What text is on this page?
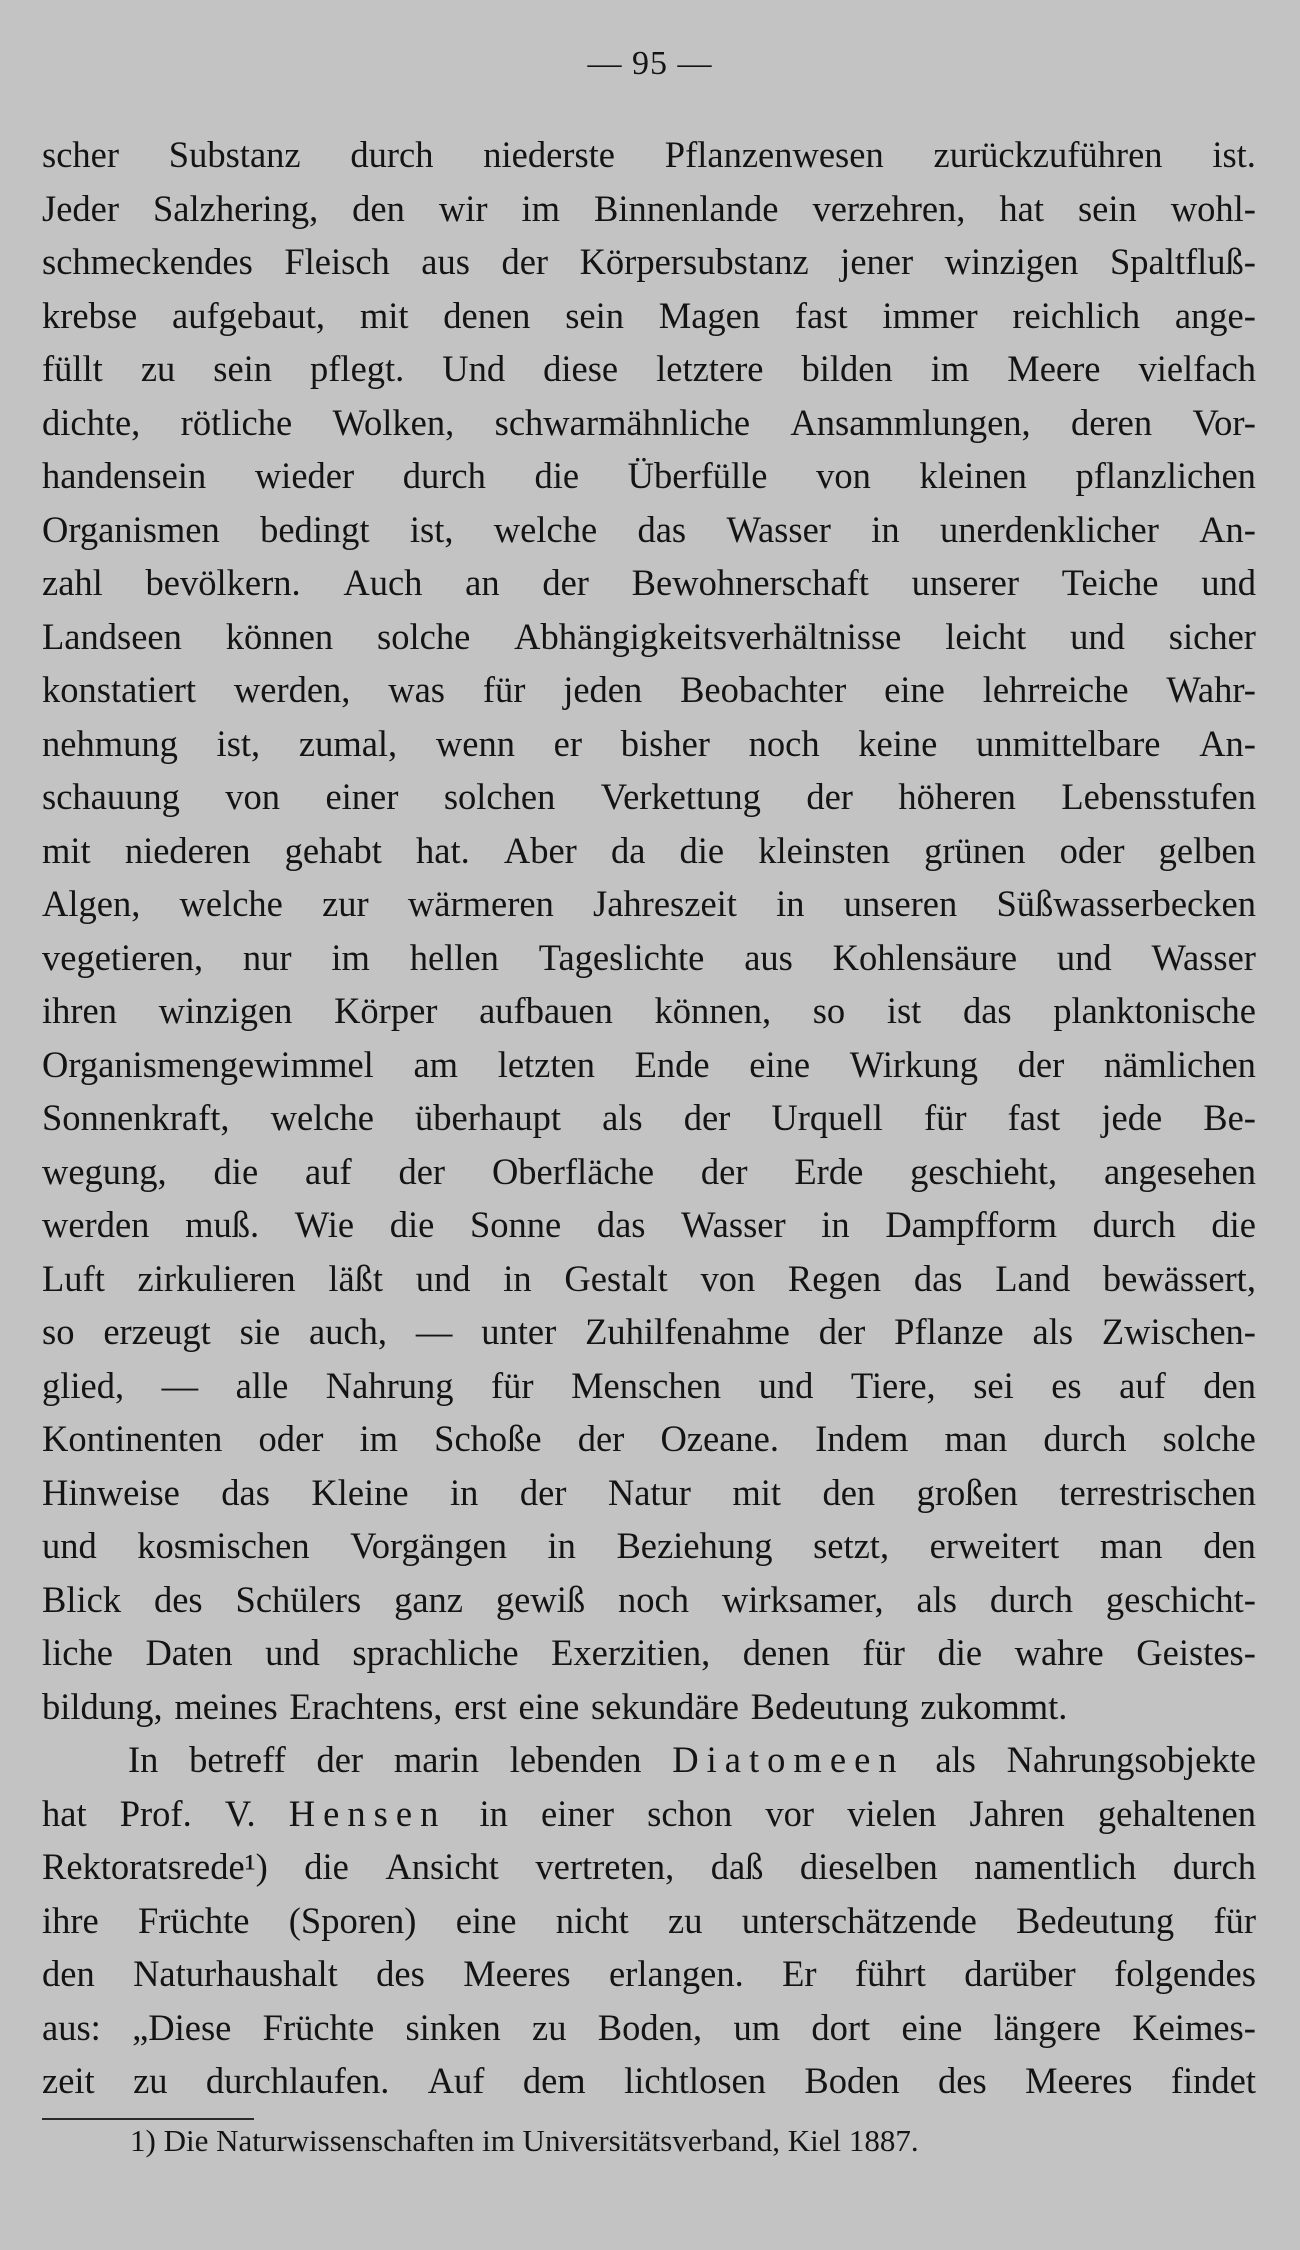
— 95 —
scher Substanz durch niederste Pflanzenwesen zurückzuführen ist.
Jeder Salzhering, den wir im Binnenlande verzehren, hat sein wohl-
schmeckendes Fleisch aus der Körpersubstanz jener winzigen Spaltfluß-
krebse aufgebaut, mit denen sein Magen fast immer reichlich ange-
füllt zu sein pflegt. Und diese letztere bilden im Meere vielfach
dichte, rötliche Wolken, schwarmähnliche Ansammlungen, deren Vor-
handensein wieder durch die Überfülle von kleinen pflanzlichen
Organismen bedingt ist, welche das Wasser in unerdenklicher An-
zahl bevölkern. Auch an der Bewohnerschaft unserer Teiche und
Landseen können solche Abhängigkeitsverhältnisse leicht und sicher
konstatiert werden, was für jeden Beobachter eine lehrreiche Wahr-
nehmung ist, zumal, wenn er bisher noch keine unmittelbare An-
schauung von einer solchen Verkettung der höheren Lebensstufen
mit niederen gehabt hat. Aber da die kleinsten grünen oder gelben
Algen, welche zur wärmeren Jahreszeit in unseren Süßwasserbecken
vegetieren, nur im hellen Tageslichte aus Kohlensäure und Wasser
ihren winzigen Körper aufbauen können, so ist das planktonische
Organismengewimmel am letzten Ende eine Wirkung der nämlichen
Sonnenkraft, welche überhaupt als der Urquell für fast jede Be-
wegung, die auf der Oberfläche der Erde geschieht, angesehen
werden muß. Wie die Sonne das Wasser in Dampfform durch die
Luft zirkulieren läßt und in Gestalt von Regen das Land bewässert,
so erzeugt sie auch, — unter Zuhilfenahme der Pflanze als Zwischen-
glied, — alle Nahrung für Menschen und Tiere, sei es auf den
Kontinenten oder im Schoße der Ozeane. Indem man durch solche
Hinweise das Kleine in der Natur mit den großen terrestrischen
und kosmischen Vorgängen in Beziehung setzt, erweitert man den
Blick des Schülers ganz gewiß noch wirksamer, als durch geschicht-
liche Daten und sprachliche Exerzitien, denen für die wahre Geistes-
bildung, meines Erachtens, erst eine sekundäre Bedeutung zukommt.
In betreff der marin lebenden Diatomeen als Nahrungsobjekte
hat Prof. V. Hensen in einer schon vor vielen Jahren gehaltenen
Rektoratsrede¹) die Ansicht vertreten, daß dieselben namentlich durch
ihre Früchte (Sporen) eine nicht zu unterschätzende Bedeutung für
den Naturhaushalt des Meeres erlangen. Er führt darüber folgendes
aus: „Diese Früchte sinken zu Boden, um dort eine längere Keimes-
zeit zu durchlaufen. Auf dem lichtlosen Boden des Meeres findet
1) Die Naturwissenschaften im Universitätsverband, Kiel 1887.
